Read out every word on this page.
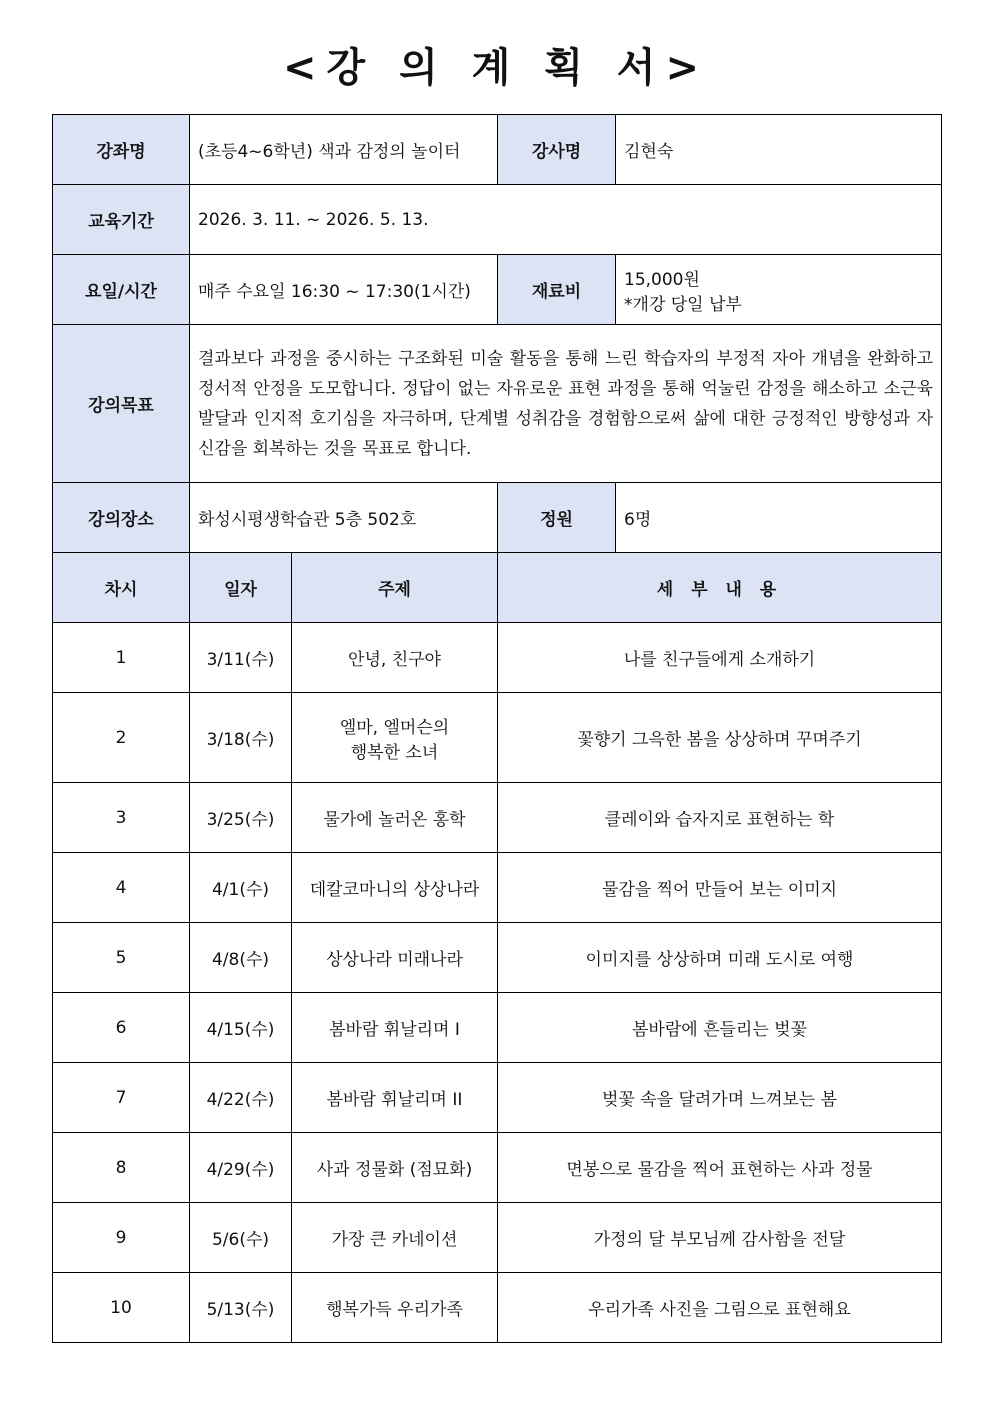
<강 의 계 획 서>
강좌명	(초등4~6학년) 색과 감정의 놀이터		강사명	김현숙
교육기간	2026. 3. 11. ~ 2026. 5. 13.			
요일/시간	매주 수요일 16:30 ~ 17:30(1시간)		재료비	15,000원
*개강 당일 납부

강의목표	결과보다 과정을 중시하는 구조화된 미술 활동을 통해 느린 학습자의 부정적 자아 개념을 완화하고 정서적 안정을 도모합니다. 정답이 없는 자유로운 표현 과정을 통해 억눌린 감정을 해소하고 소근육 발달과 인지적 호기심을 자극하며, 단계별 성취감을 경험함으로써 삶에 대한 긍정적인 방향성과 자신감을 회복하는 것을 목표로 합니다.			
강의장소	화성시평생학습관 5층 502호		정원	6명
차시	일자	주제	세 부 내 용	
1	3/11(수)	안녕, 친구야	나를 친구들에게 소개하기	
2	3/18(수)	엘마, 엘머슨의
행복한 소녀	꽃향기 그윽한 봄을 상상하며 꾸며주기	
3	3/25(수)	물가에 놀러온 홍학	클레이와 습자지로 표현하는 학	
4	4/1(수)	데칼코마니의 상상나라	물감을 찍어 만들어 보는 이미지	
5	4/8(수)	상상나라 미래나라	이미지를 상상하며 미래 도시로 여행	
6	4/15(수)	봄바람 휘날리며 I	봄바람에 흔들리는 벚꽃	
7	4/22(수)	봄바람 휘날리며 II	벚꽃 속을 달려가며 느껴보는 봄	
8	4/29(수)	사과 정물화 (점묘화)	면봉으로 물감을 찍어 표현하는 사과 정물	
9	5/6(수)	가장 큰 카네이션	가정의 달 부모님께 감사함을 전달	
10	5/13(수)	행복가득 우리가족	우리가족 사진을 그림으로 표현해요	
